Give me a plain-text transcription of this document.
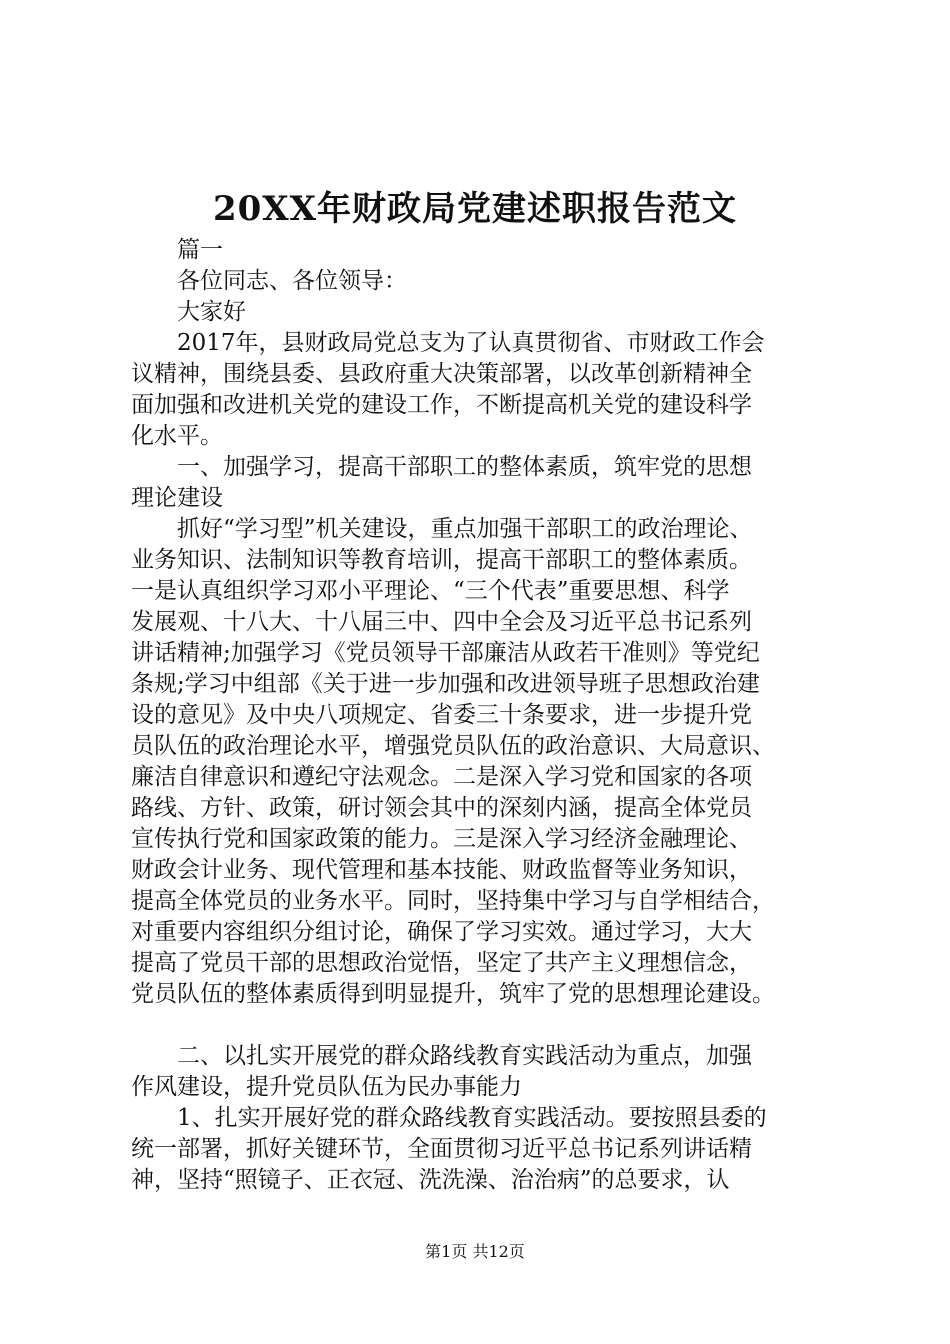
20XX年财政局党建述职报告范文
篇一
各位同志、各位领导：
大家好
2017年，县财政局党总支为了认真贯彻省、市财政工作会
议精神，围绕县委、县政府重大决策部署，以改革创新精神全
面加强和改进机关党的建设工作，不断提高机关党的建设科学
化水平。
一、加强学习，提高干部职工的整体素质，筑牢党的思想
理论建设
抓好“学习型”机关建设，重点加强干部职工的政治理论、
业务知识、法制知识等教育培训，提高干部职工的整体素质。
一是认真组织学习邓小平理论、“三个代表”重要思想、科学
发展观、十八大、十八届三中、四中全会及习近平总书记系列
讲话精神;加强学习《党员领导干部廉洁从政若干准则》等党纪
条规;学习中组部《关于进一步加强和改进领导班子思想政治建
设的意见》及中央八项规定、省委三十条要求，进一步提升党
员队伍的政治理论水平，增强党员队伍的政治意识、大局意识、
廉洁自律意识和遵纪守法观念。二是深入学习党和国家的各项
路线、方针、政策，研讨领会其中的深刻内涵，提高全体党员
宣传执行党和国家政策的能力。三是深入学习经济金融理论、
财政会计业务、现代管理和基本技能、财政监督等业务知识，
提高全体党员的业务水平。同时，坚持集中学习与自学相结合，
对重要内容组织分组讨论，确保了学习实效。通过学习，大大
提高了党员干部的思想政治觉悟，坚定了共产主义理想信念，
党员队伍的整体素质得到明显提升，筑牢了党的思想理论建设。
二、以扎实开展党的群众路线教育实践活动为重点，加强
作风建设，提升党员队伍为民办事能力
1、扎实开展好党的群众路线教育实践活动。要按照县委的
统一部署，抓好关键环节，全面贯彻习近平总书记系列讲话精
神，坚持“照镜子、正衣冠、洗洗澡、治治病”的总要求，认
第1页 共12页
